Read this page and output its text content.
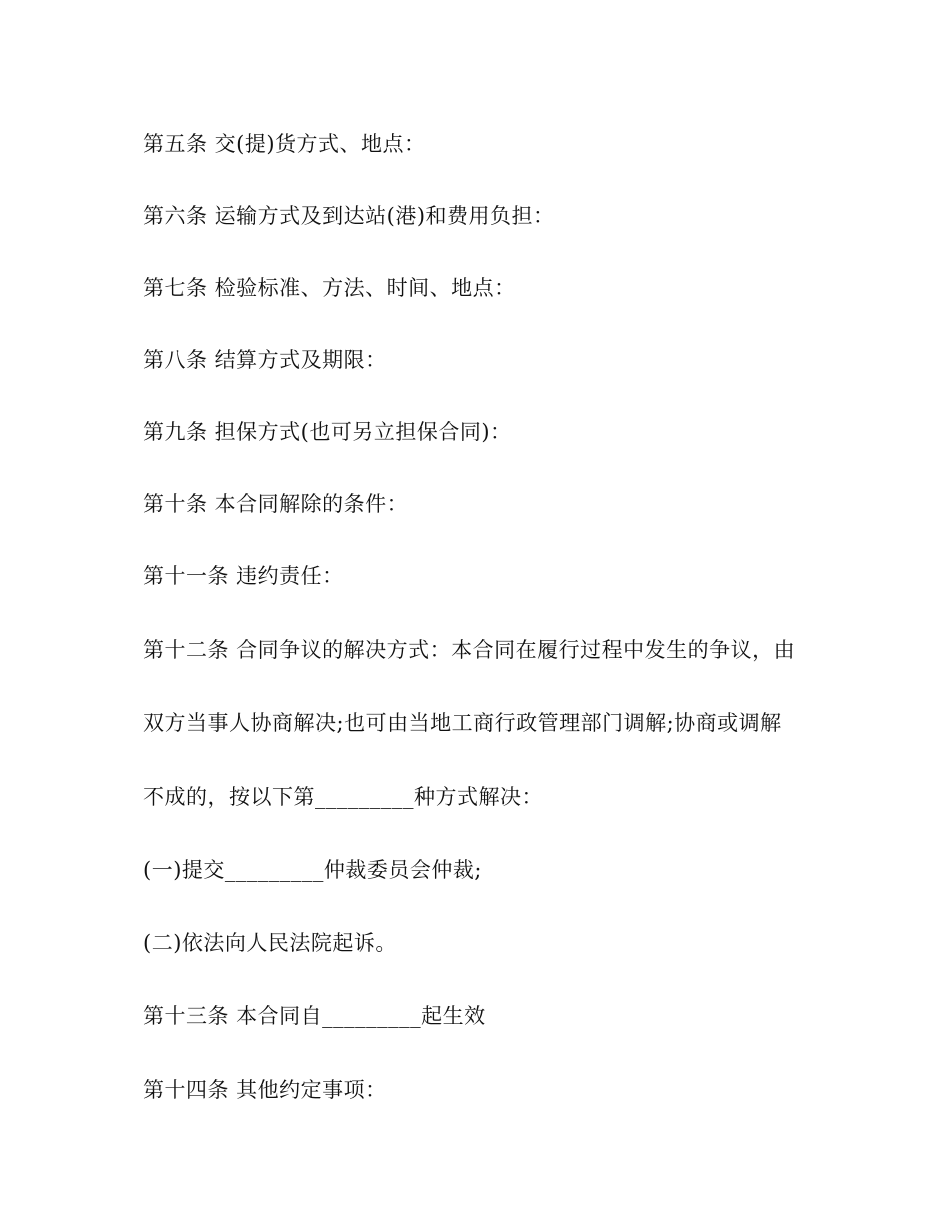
第五条 交(提)货方式、地点：

第六条 运输方式及到达站(港)和费用负担：

第七条 检验标准、方法、时间、地点：

第八条 结算方式及期限：

第九条 担保方式(也可另立担保合同)：

第十条 本合同解除的条件：

第十一条 违约责任：

第十二条 合同争议的解决方式：本合同在履行过程中发生的争议，由

双方当事人协商解决;也可由当地工商行政管理部门调解;协商或调解

不成的，按以下第_________种方式解决：

(一)提交_________仲裁委员会仲裁;

(二)依法向人民法院起诉。

第十三条 本合同自_________起生效

第十四条 其他约定事项：
